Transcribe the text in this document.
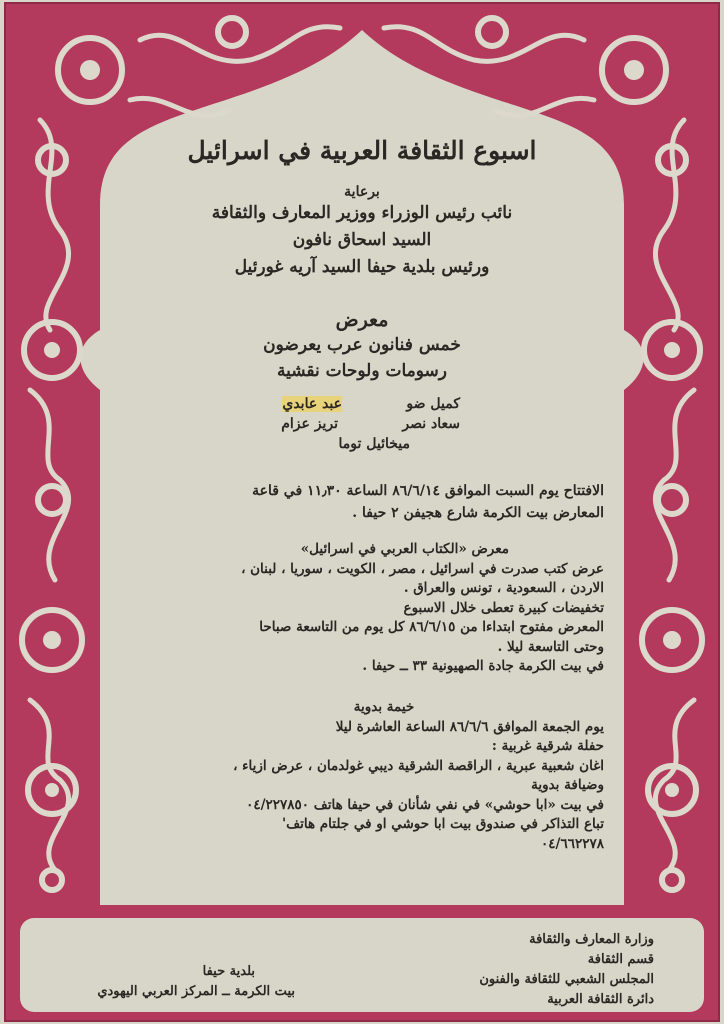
اسبوع الثقافة العربية في اسرائيل
برعاية
نائب رئيس الوزراء ووزير المعارف والثقافة
السيد اسحاق نافون
ورئيس بلدية حيفا السيد آريه غورئيل
معرض
خمس فنانون عرب يعرضون
رسومات ولوحات نقشية
عبد عابدي	كميل ضو
تريز عزام	سعاد نصر
ميخائيل توما
الافتتاح يوم السبت الموافق ٨٦/٦/١٤ الساعة ١١٫٣٠ في قاعة
المعارض بيت الكرمة شارع هجيفن ٢ حيفا .
معرض «الكتاب العربي في اسرائيل»
عرض كتب صدرت في اسرائيل ، مصر ، الكويت ، سوريا ، لبنان ،
الاردن ، السعودية ، تونس والعراق .
تخفيضات كبيرة تعطى خلال الاسبوع
المعرض مفتوح ابتداءا من ٨٦/٦/١٥ كل يوم من التاسعة صباحا
وحتى التاسعة ليلا .
في بيت الكرمة جادة الصهيونية ٣٣ ــ حيفا .
خيمة بدوية
يوم الجمعة الموافق ٨٦/٦/٦ الساعة العاشرة ليلا
حفلة شرقية غربية :
اغان شعبية عبرية ، الراقصة الشرقية ديبي غولدمان ، عرض ازياء ،
وضيافة بدوية
في بيت «ابا حوشي» في نفي شأنان في حيفا هاتف ٠٤/٢٢٧٨٥٠
تباع التذاكر في صندوق بيت ابا حوشي او في جلتام هاتف'
٠٤/٦٦٢٢٧٨
وزارة المعارف والثقافة
قسم الثقافة
المجلس الشعبي للثقافة والفنون
دائرة الثقافة العربية
بلدية حيفا
بيت الكرمة ــ المركز العربي اليهودي
